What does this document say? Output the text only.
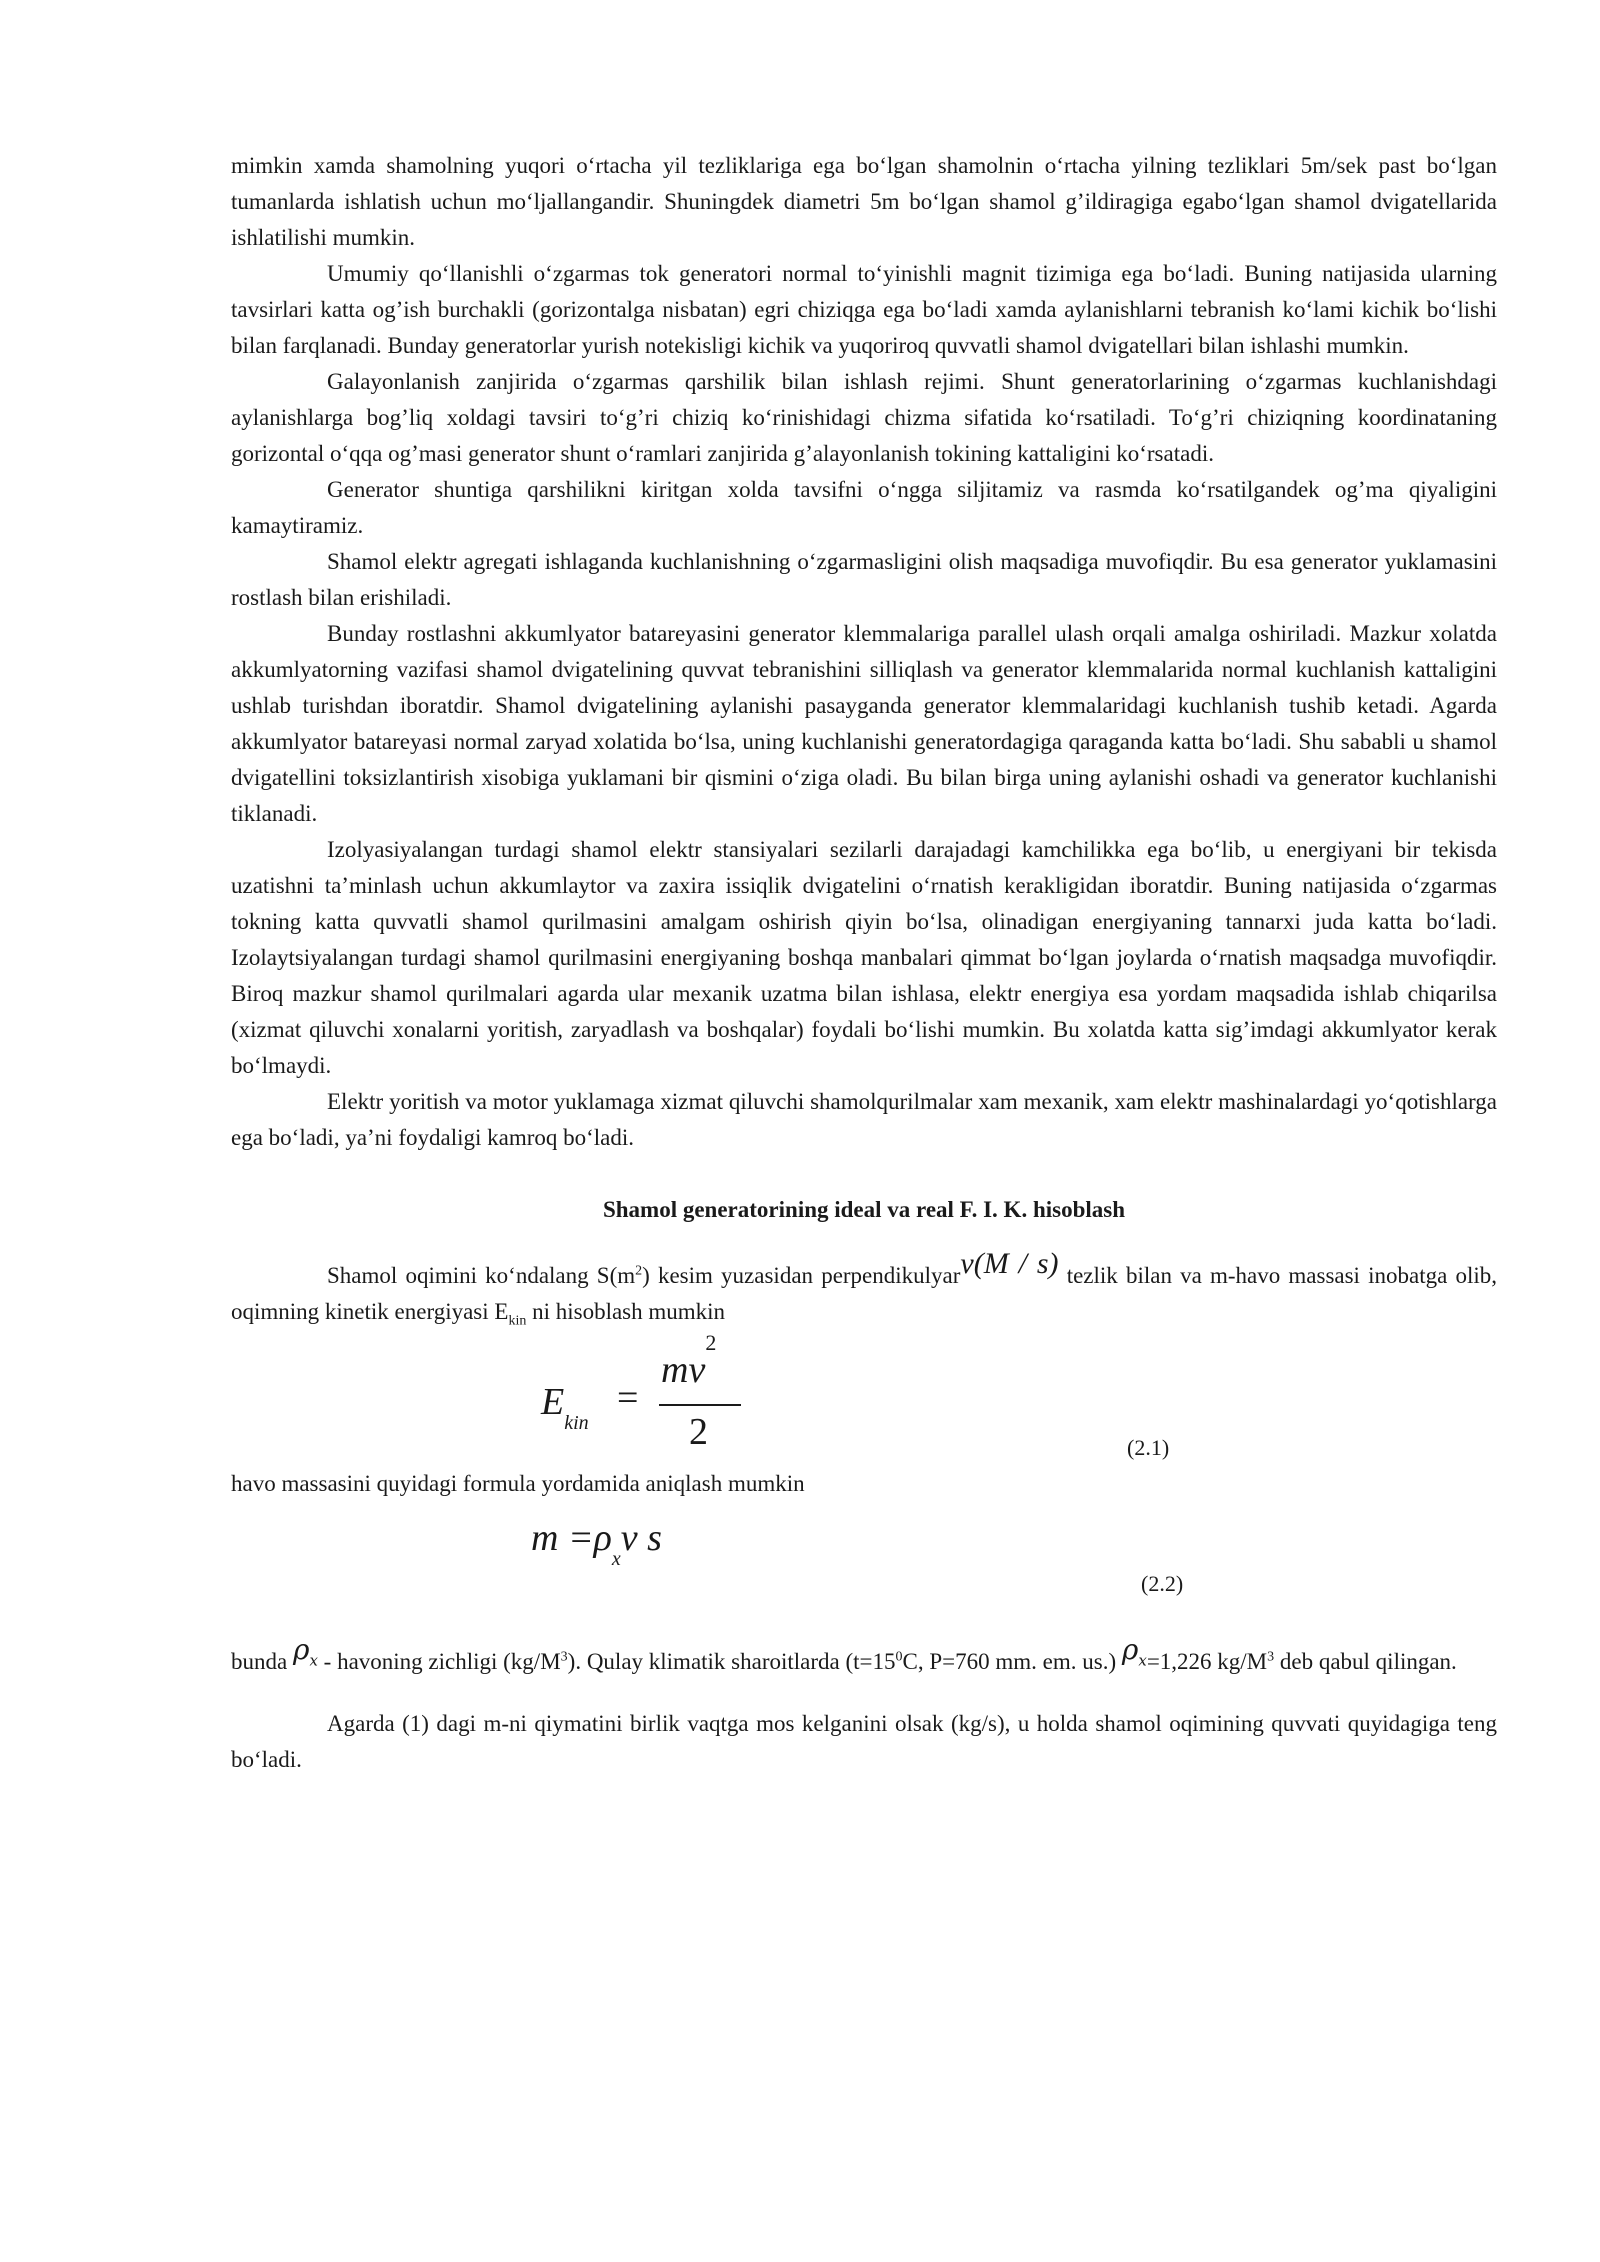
mimkin xamda shamolning yuqori o‘rtacha yil tezliklariga ega bo‘lgan shamolnin o‘rtacha yilning tezliklari 5m/sek past bo‘lgan tumanlarda ishlatish uchun mo‘ljallangandir. Shuningdek diametri 5m bo‘lgan shamol g’ildiragiga egabo‘lgan shamol dvigatellarida ishlatilishi mumkin.

Umumiy qo‘llanishli o‘zgarmas tok generatori normal to‘yinishli magnit tizimiga ega bo‘ladi. Buning natijasida ularning tavsirlari katta og’ish burchakli (gorizontalga nisbatan) egri chiziqga ega bo‘ladi xamda aylanishlarni tebranish ko‘lami kichik bo‘lishi bilan farqlanadi. Bunday generatorlar yurish notekisligi kichik va yuqoriroq quvvatli shamol dvigatellari bilan ishlashi mumkin.

Galayonlanish zanjirida o‘zgarmas qarshilik bilan ishlash rejimi. Shunt generatorlarining o‘zgarmas kuchlanishdagi aylanishlarga bog’liq xoldagi tavsiri to‘g’ri chiziq ko‘rinishidagi chizma sifatida ko‘rsatiladi. To‘g’ri chiziqning koordinataning gorizontal o‘qqa og’masi generator shunt o‘ramlari zanjirida g’alayonlanish tokining kattaligini ko‘rsatadi.

Generator shuntiga qarshilikni kiritgan xolda tavsifni o‘ngga siljitamiz va rasmda ko‘rsatilgandek og’ma qiyaligini kamaytiramiz.

Shamol elektr agregati ishlaganda kuchlanishning o‘zgarmasligini olish maqsadiga muvofiqdir. Bu esa generator yuklamasini rostlash bilan erishiladi.

Bunday rostlashni akkumlyator batareyasini generator klemmalariga parallel ulash orqali amalga oshiriladi. Mazkur xolatda akkumlyatorning vazifasi shamol dvigatelining quvvat tebranishini silliqlash va generator klemmalarida normal kuchlanish kattaligini ushlab turishdan iboratdir. Shamol dvigatelining aylanishi pasayganda generator klemmalaridagi kuchlanish tushib ketadi. Agarda akkumlyator batareyasi normal zaryad xolatida bo‘lsa, uning kuchlanishi generatordagiga qaraganda katta bo‘ladi. Shu sababli u shamol dvigatellini toksizlantirish xisobiga yuklamani bir qismini o‘ziga oladi. Bu bilan birga uning aylanishi oshadi va generator kuchlanishi tiklanadi.

Izolyasiyalangan turdagi shamol elektr stansiyalari sezilarli darajadagi kamchilikka ega bo‘lib, u energiyani bir tekisda uzatishni ta’minlash uchun akkumlaytor va zaxira issiqlik dvigatelini o‘rnatish kerakligidan iboratdir. Buning natijasida o‘zgarmas tokning katta quvvatli shamol qurilmasini amalgam oshirish qiyin bo‘lsa, olinadigan energiyaning tannarxi juda katta bo‘ladi. Izolaytsiyalangan turdagi shamol qurilmasini energiyaning boshqa manbalari qimmat bo‘lgan joylarda o‘rnatish maqsadga muvofiqdir. Biroq mazkur shamol qurilmalari agarda ular mexanik uzatma bilan ishlasa, elektr energiya esa yordam maqsadida ishlab chiqarilsa (xizmat qiluvchi xonalarni yoritish, zaryadlash va boshqalar) foydali bo‘lishi mumkin. Bu xolatda katta sig’imdagi akkumlyator kerak bo‘lmaydi.

Elektr yoritish va motor yuklamaga xizmat qiluvchi shamolqurilmalar xam mexanik, xam elektr mashinalardagi yo‘qotishlarga ega bo‘ladi, ya’ni foydaligi kamroq bo‘ladi.

Shamol generatorining ideal va real F. I. K. hisoblash

Shamol oqimini ko‘ndalang $S(m^2)$ kesim yuzasidan perpendikulyarν(M / s) tezlik bilan va m-havo massasi inobatga olib, oqimning kinetik energiyasi $E_{kin}$ ni hisoblash mumkin

$E_{kin}$
=
$m\nu^2$
2	(2.1)

havo massasini quyidagi formula yordamida aniqlash mumkin

$m =\rho_x\nu$ s
(2.2)

bunda $\rho_x$ - havoning zichligi $(kg/M^3)$. Qulay klimatik sharoitlarda ($t=15^0C$, P=760 mm. em. us.) $\rho_x=1,226$ $kg/M^3$ deb qabul qilingan.

Agarda (1) dagi m-ni qiymatini birlik vaqtga mos kelganini olsak (kg/s), u holda shamol oqimining quvvati quyidagiga teng bo‘ladi.
